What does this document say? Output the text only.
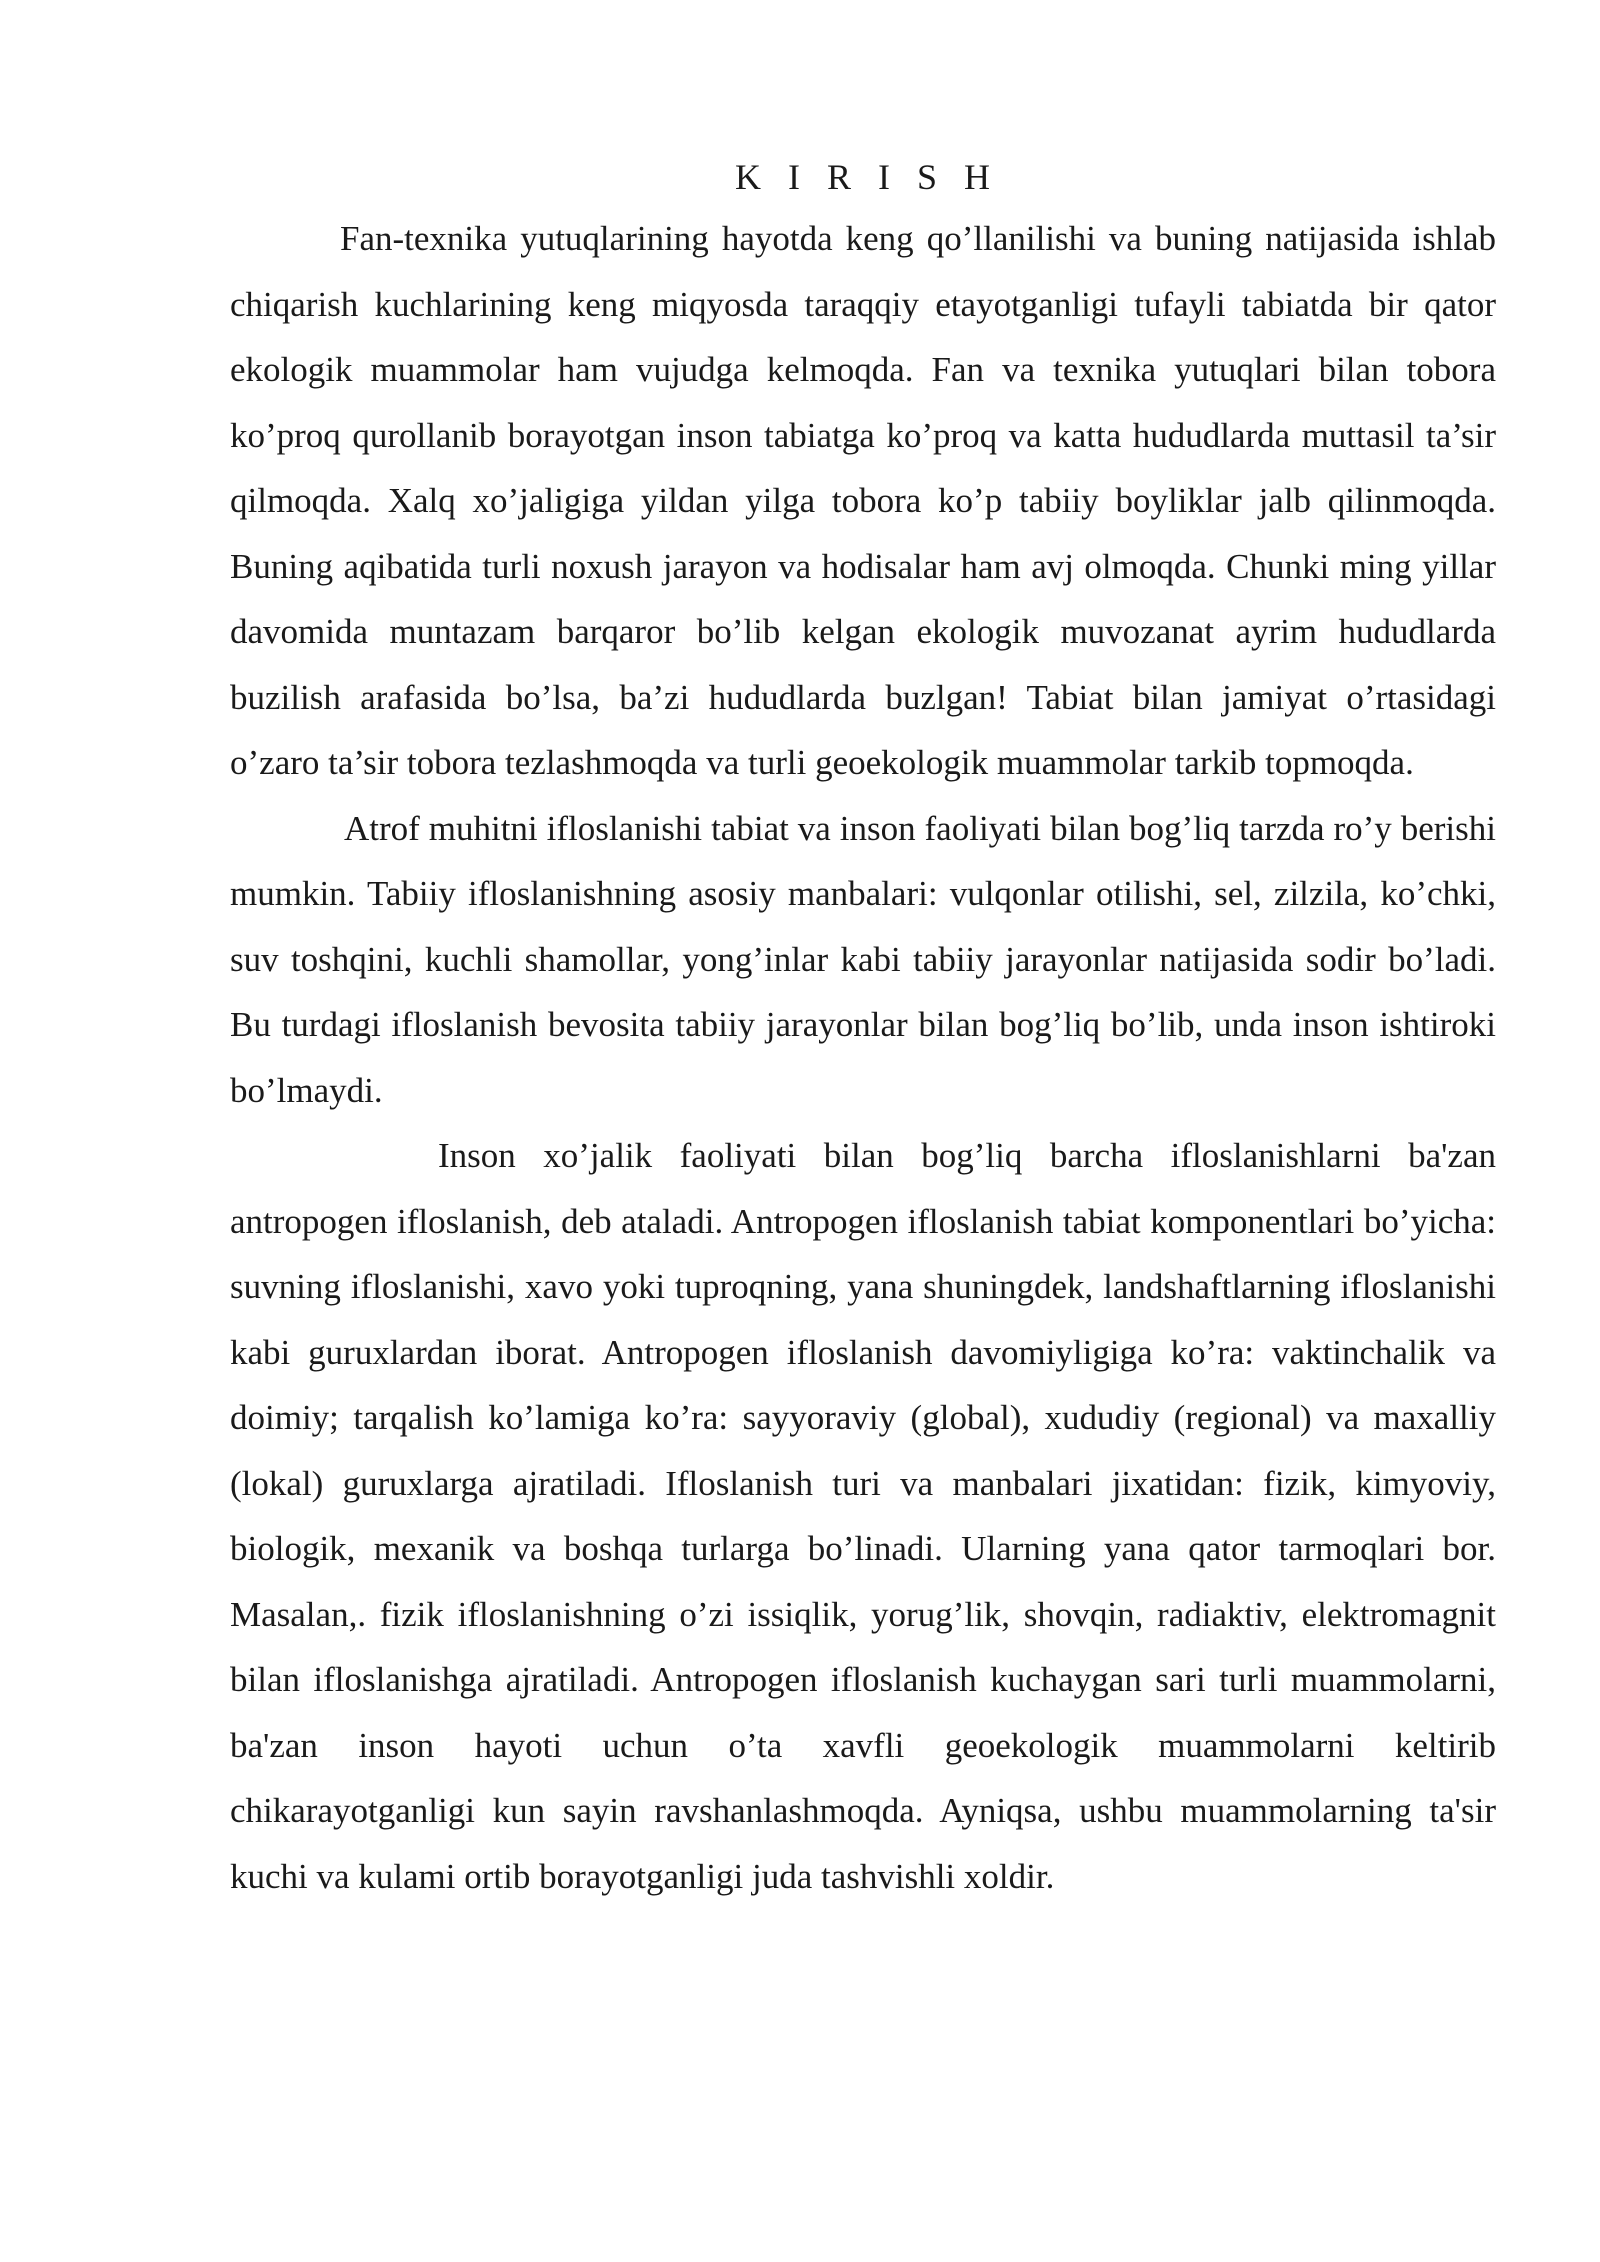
K I R I S H

Fan-texnika yutuqlarining hayotda keng qo’llanilishi va buning natijasida ishlab chiqarish kuchlarining keng miqyosda taraqqiy etayotganligi tufayli tabiatda bir qator ekologik muammolar ham vujudga kelmoqda. Fan va texnika yutuqlari bilan tobora ko’proq qurollanib borayotgan inson tabiatga ko’proq va katta hududlarda muttasil ta’sir qilmoqda. Xalq xo’jaligiga yildan yilga tobora ko’p tabiiy boyliklar jalb qilinmoqda. Buning aqibatida turli noxush jarayon va hodisalar ham avj olmoqda. Chunki ming yillar davomida muntazam barqaror bo’lib kelgan ekologik muvozanat ayrim hududlarda buzilish arafasida bo’lsa, ba’zi hududlarda buzlgan! Tabiat bilan jamiyat o’rtasidagi o’zaro ta’sir tobora tezlashmoqda va turli geoekologik muammolar tarkib topmoqda.

Atrof muhitni ifloslanishi tabiat va inson faoliyati bilan bog’liq tarzda ro’y berishi mumkin. Tabiiy ifloslanishning asosiy manbalari: vulqonlar otilishi, sel, zilzila, ko’chki, suv toshqini, kuchli shamollar, yong’inlar kabi tabiiy jarayonlar natijasida sodir bo’ladi. Bu turdagi ifloslanish bevosita tabiiy jarayonlar bilan bog’liq bo’lib, unda inson ishtiroki bo’lmaydi.

Inson xo’jalik faoliyati bilan bog’liq barcha ifloslanishlarni ba'zan antropogen ifloslanish, deb ataladi. Antropogen ifloslanish tabiat komponentlari bo’yicha: suvning ifloslanishi, xavo yoki tuproqning, yana shuningdek, landshaftlarning ifloslanishi kabi guruxlardan iborat. Antropogen ifloslanish davomiyligiga ko’ra: vaktinchalik va doimiy; tarqalish ko’lamiga ko’ra: sayyoraviy (global), xududiy (regional) va maxalliy (lokal) guruxlarga ajratiladi. Ifloslanish turi va manbalari jixatidan: fizik, kimyoviy, biologik, mexanik va boshqa turlarga bo’linadi. Ularning yana qator tarmoqlari bor. Masalan,. fizik ifloslanishning o’zi issiqlik, yorug’lik, shovqin, radiaktiv, elektromagnit bilan ifloslanishga ajratiladi. Antropogen ifloslanish kuchaygan sari turli muammolarni, ba'zan inson hayoti uchun o’ta xavfli geoekologik muammolarni keltirib chikarayotganligi kun sayin ravshanlashmoqda. Ayniqsa, ushbu muammolarning ta'sir kuchi va kulami ortib borayotganligi juda tashvishli xoldir.
